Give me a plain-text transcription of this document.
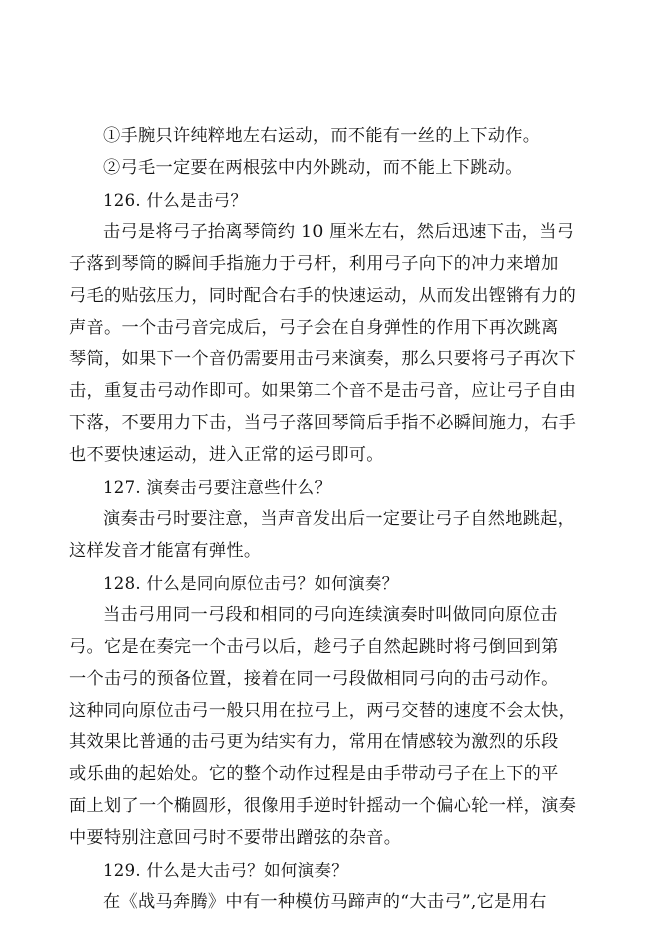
①手腕只许纯粹地左右运动，而不能有一丝的上下动作。
②弓毛一定要在两根弦中内外跳动，而不能上下跳动。
126. 什么是击弓？
击弓是将弓子抬离琴筒约 10 厘米左右，然后迅速下击，当弓
子落到琴筒的瞬间手指施力于弓杆，利用弓子向下的冲力来增加
弓毛的贴弦压力，同时配合右手的快速运动，从而发出铿锵有力的
声音。一个击弓音完成后，弓子会在自身弹性的作用下再次跳离
琴筒，如果下一个音仍需要用击弓来演奏，那么只要将弓子再次下
击，重复击弓动作即可。如果第二个音不是击弓音，应让弓子自由
下落，不要用力下击，当弓子落回琴筒后手指不必瞬间施力，右手
也不要快速运动，进入正常的运弓即可。
127. 演奏击弓要注意些什么？
演奏击弓时要注意，当声音发出后一定要让弓子自然地跳起，
这样发音才能富有弹性。
128. 什么是同向原位击弓？如何演奏？
当击弓用同一弓段和相同的弓向连续演奏时叫做同向原位击
弓。它是在奏完一个击弓以后，趁弓子自然起跳时将弓倒回到第
一个击弓的预备位置，接着在同一弓段做相同弓向的击弓动作。
这种同向原位击弓一般只用在拉弓上，两弓交替的速度不会太快，
其效果比普通的击弓更为结实有力，常用在情感较为激烈的乐段
或乐曲的起始处。它的整个动作过程是由手带动弓子在上下的平
面上划了一个椭圆形，很像用手逆时针摇动一个偏心轮一样，演奏
中要特别注意回弓时不要带出蹭弦的杂音。
129. 什么是大击弓？如何演奏？
在《战马奔腾》中有一种模仿马蹄声的“大击弓”,它是用右
